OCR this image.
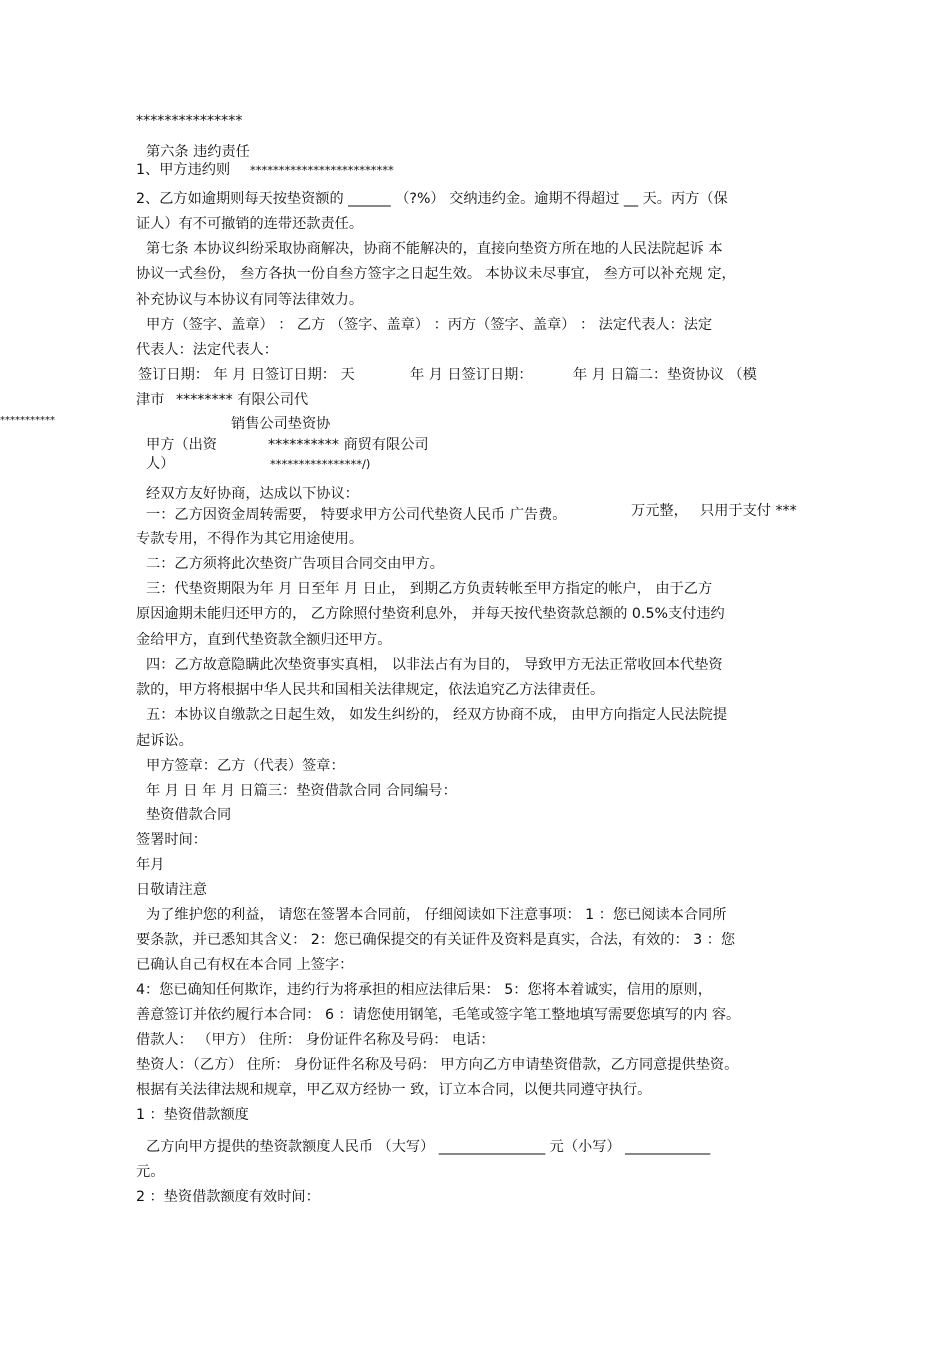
***************
第六条 违约责任
1、甲方违约则 *************************
2、乙方如逾期则每天按垫资额的 ______ （?%） 交纳违约金。逾期不得超过 __ 天。丙方（保
证人）有不可撤销的连带还款责任。
第七条 本协议纠纷采取协商解决，协商不能解决的，直接向垫资方所在地的人民法院起诉 本
协议一式叁份， 叁方各执一份自叁方签字之日起生效。 本协议未尽事宜， 叁方可以补充规 定，
补充协议与本协议有同等法律效力。
甲方（签字、盖章） ： 乙方 （签字、盖章） ：丙方（签字、盖章） ： 法定代表人：法定
代表人：法定代表人：
签订日期： 年 月 日签订日期： 天	年 月 日签订日期：	年 月 日篇二：垫资协议 （模
津市 ******** 有限公司代
***********	销售公司垫资协
甲方（出资	********** 商贸有限公司
人）	****************/)
经双方友好协商，达成以下协议：
一：乙方因资金周转需要， 特要求甲方公司代垫资人民币 广告费。	万元整， 只用于支付 ***
专款专用，不得作为其它用途使用。
二：乙方须将此次垫资广告项目合同交由甲方。
三：代垫资期限为年 月 日至年 月 日止， 到期乙方负责转帐至甲方指定的帐户， 由于乙方
原因逾期未能归还甲方的， 乙方除照付垫资利息外， 并每天按代垫资款总额的 0.5%支付违约
金给甲方，直到代垫资款全额归还甲方。
四：乙方故意隐瞒此次垫资事实真相， 以非法占有为目的， 导致甲方无法正常收回本代垫资
款的，甲方将根据中华人民共和国相关法律规定，依法追究乙方法律责任。
五：本协议自缴款之日起生效， 如发生纠纷的， 经双方协商不成， 由甲方向指定人民法院提
起诉讼。
甲方签章：乙方（代表）签章：
年 月 日 年 月 日篇三：垫资借款合同 合同编号：
垫资借款合同
签署时间：
年月
日敬请注意
为了维护您的利益， 请您在签署本合同前， 仔细阅读如下注意事项： 1 ：您已阅读本合同所
要条款，并已悉知其含义： 2：您已确保提交的有关证件及资料是真实，合法，有效的： 3 ：您
已确认自己有权在本合同 上签字：
4：您已确知任何欺诈，违约行为将承担的相应法律后果： 5：您将本着诚实，信用的原则，
善意签订并依约履行本合同： 6 ：请您使用钢笔，毛笔或签字笔工整地填写需要您填写的内 容。
借款人： （甲方） 住所： 身份证件名称及号码： 电话：
垫资人：（乙方） 住所： 身份证件名称及号码： 甲方向乙方申请垫资借款，乙方同意提供垫资。
根据有关法律法规和规章，甲乙双方经协一 致，订立本合同，以便共同遵守执行。
1 ：垫资借款额度
乙方向甲方提供的垫资款额度人民币 （大写） _______________ 元（小写） ____________
元。
2 ：垫资借款额度有效时间：
